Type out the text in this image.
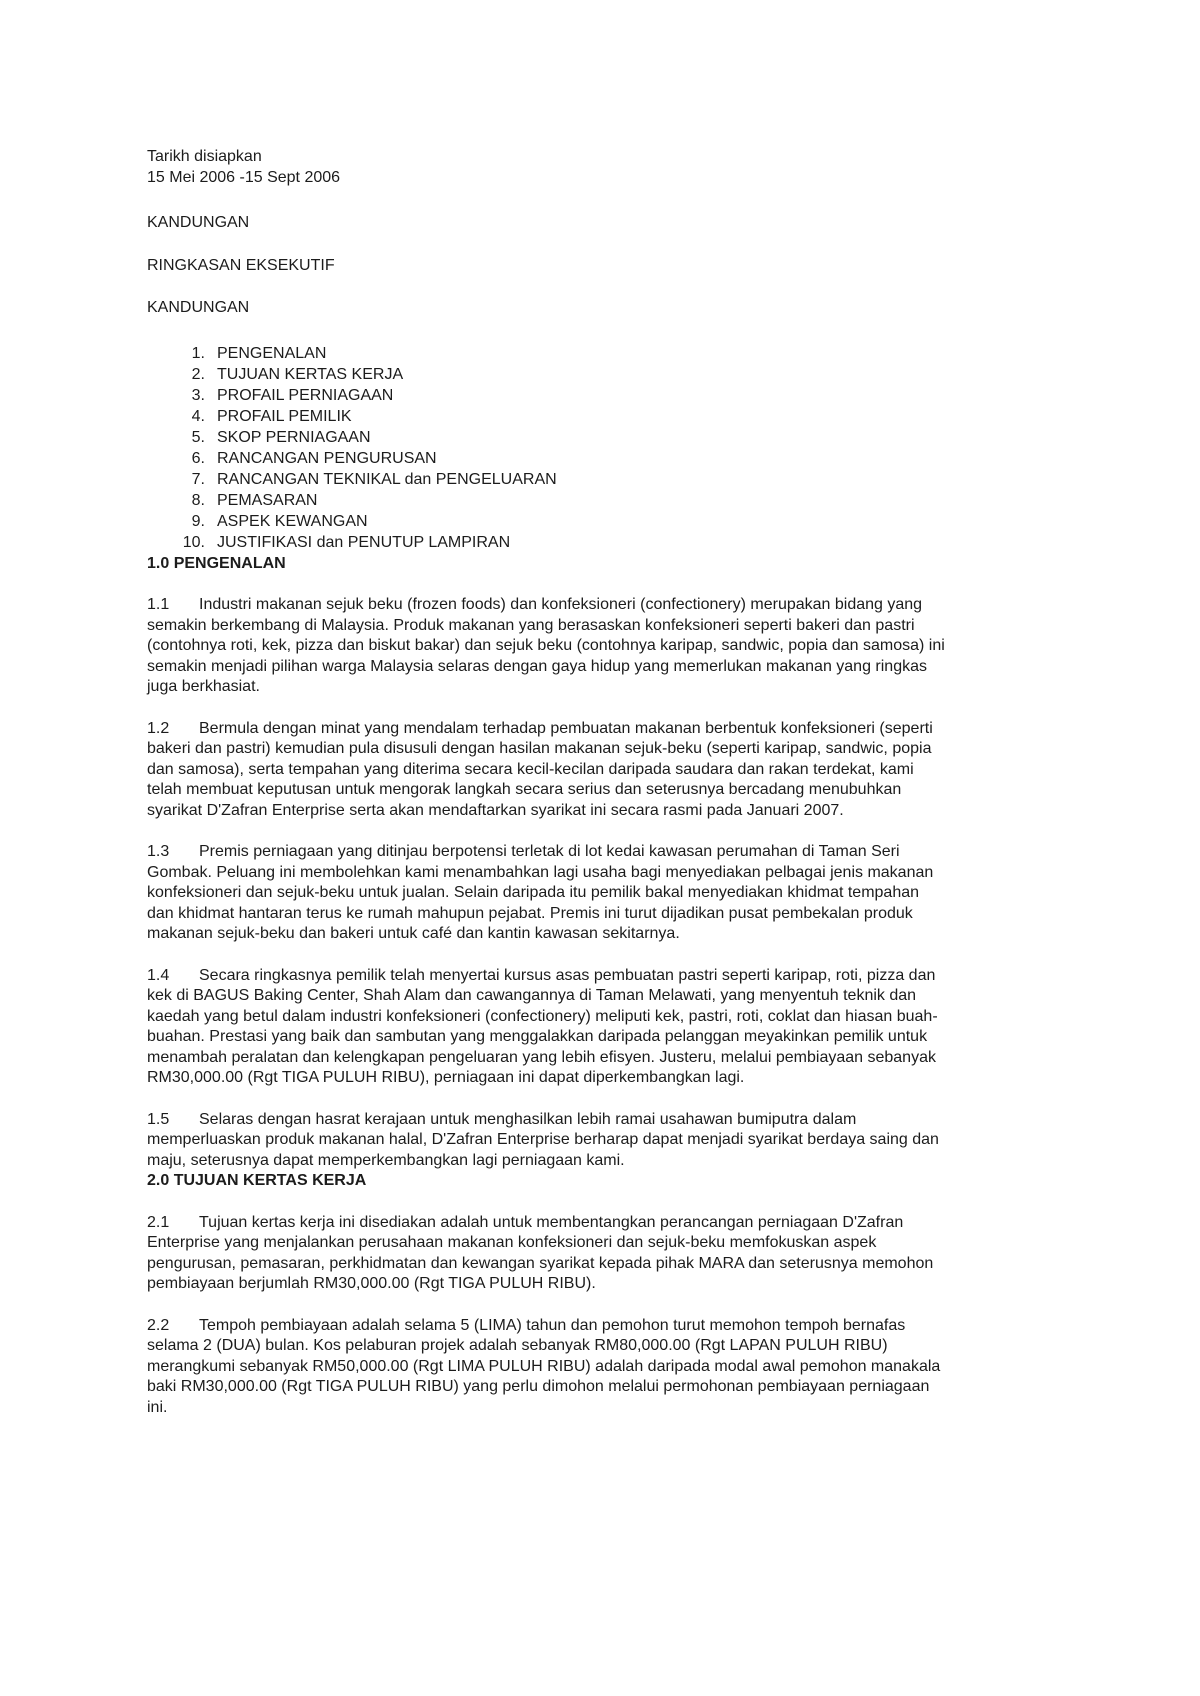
Tarikh disiapkan
15 Mei 2006 -15 Sept 2006
KANDUNGAN
RINGKASAN EKSEKUTIF
KANDUNGAN
1. PENGENALAN
2. TUJUAN KERTAS KERJA
3. PROFAIL PERNIAGAAN
4. PROFAIL PEMILIK
5. SKOP PERNIAGAAN
6. RANCANGAN PENGURUSAN
7. RANCANGAN TEKNIKAL dan PENGELUARAN
8. PEMASARAN
9. ASPEK KEWANGAN
10. JUSTIFIKASI dan PENUTUP LAMPIRAN
1.0 PENGENALAN
1.1 Industri makanan sejuk beku (frozen foods) dan konfeksioneri (confectionery) merupakan bidang yang
semakin berkembang di Malaysia. Produk makanan yang berasaskan konfeksioneri seperti bakeri dan pastri
(contohnya roti, kek, pizza dan biskut bakar) dan sejuk beku (contohnya karipap, sandwic, popia dan samosa) ini
semakin menjadi pilihan warga Malaysia selaras dengan gaya hidup yang memerlukan makanan yang ringkas
juga berkhasiat.
1.2 Bermula dengan minat yang mendalam terhadap pembuatan makanan berbentuk konfeksioneri (seperti
bakeri dan pastri) kemudian pula disusuli dengan hasilan makanan sejuk-beku (seperti karipap, sandwic, popia
dan samosa), serta tempahan yang diterima secara kecil-kecilan daripada saudara dan rakan terdekat, kami
telah membuat keputusan untuk mengorak langkah secara serius dan seterusnya bercadang menubuhkan
syarikat D'Zafran Enterprise serta akan mendaftarkan syarikat ini secara rasmi pada Januari 2007.
1.3 Premis perniagaan yang ditinjau berpotensi terletak di lot kedai kawasan perumahan di Taman Seri
Gombak. Peluang ini membolehkan kami menambahkan lagi usaha bagi menyediakan pelbagai jenis makanan
konfeksioneri dan sejuk-beku untuk jualan. Selain daripada itu pemilik bakal menyediakan khidmat tempahan
dan khidmat hantaran terus ke rumah mahupun pejabat. Premis ini turut dijadikan pusat pembekalan produk
makanan sejuk-beku dan bakeri untuk café dan kantin kawasan sekitarnya.
1.4 Secara ringkasnya pemilik telah menyertai kursus asas pembuatan pastri seperti karipap, roti, pizza dan
kek di BAGUS Baking Center, Shah Alam dan cawangannya di Taman Melawati, yang menyentuh teknik dan
kaedah yang betul dalam industri konfeksioneri (confectionery) meliputi kek, pastri, roti, coklat dan hiasan buah-
buahan. Prestasi yang baik dan sambutan yang menggalakkan daripada pelanggan meyakinkan pemilik untuk
menambah peralatan dan kelengkapan pengeluaran yang lebih efisyen. Justeru, melalui pembiayaan sebanyak
RM30,000.00 (Rgt TIGA PULUH RIBU), perniagaan ini dapat diperkembangkan lagi.
1.5 Selaras dengan hasrat kerajaan untuk menghasilkan lebih ramai usahawan bumiputra dalam
memperluaskan produk makanan halal, D'Zafran Enterprise berharap dapat menjadi syarikat berdaya saing dan
maju, seterusnya dapat memperkembangkan lagi perniagaan kami.
2.0 TUJUAN KERTAS KERJA
2.1 Tujuan kertas kerja ini disediakan adalah untuk membentangkan perancangan perniagaan D'Zafran
Enterprise yang menjalankan perusahaan makanan konfeksioneri dan sejuk-beku memfokuskan aspek
pengurusan, pemasaran, perkhidmatan dan kewangan syarikat kepada pihak MARA dan seterusnya memohon
pembiayaan berjumlah RM30,000.00 (Rgt TIGA PULUH RIBU).
2.2 Tempoh pembiayaan adalah selama 5 (LIMA) tahun dan pemohon turut memohon tempoh bernafas
selama 2 (DUA) bulan. Kos pelaburan projek adalah sebanyak RM80,000.00 (Rgt LAPAN PULUH RIBU)
merangkumi sebanyak RM50,000.00 (Rgt LIMA PULUH RIBU) adalah daripada modal awal pemohon manakala
baki RM30,000.00 (Rgt TIGA PULUH RIBU) yang perlu dimohon melalui permohonan pembiayaan perniagaan
ini.
